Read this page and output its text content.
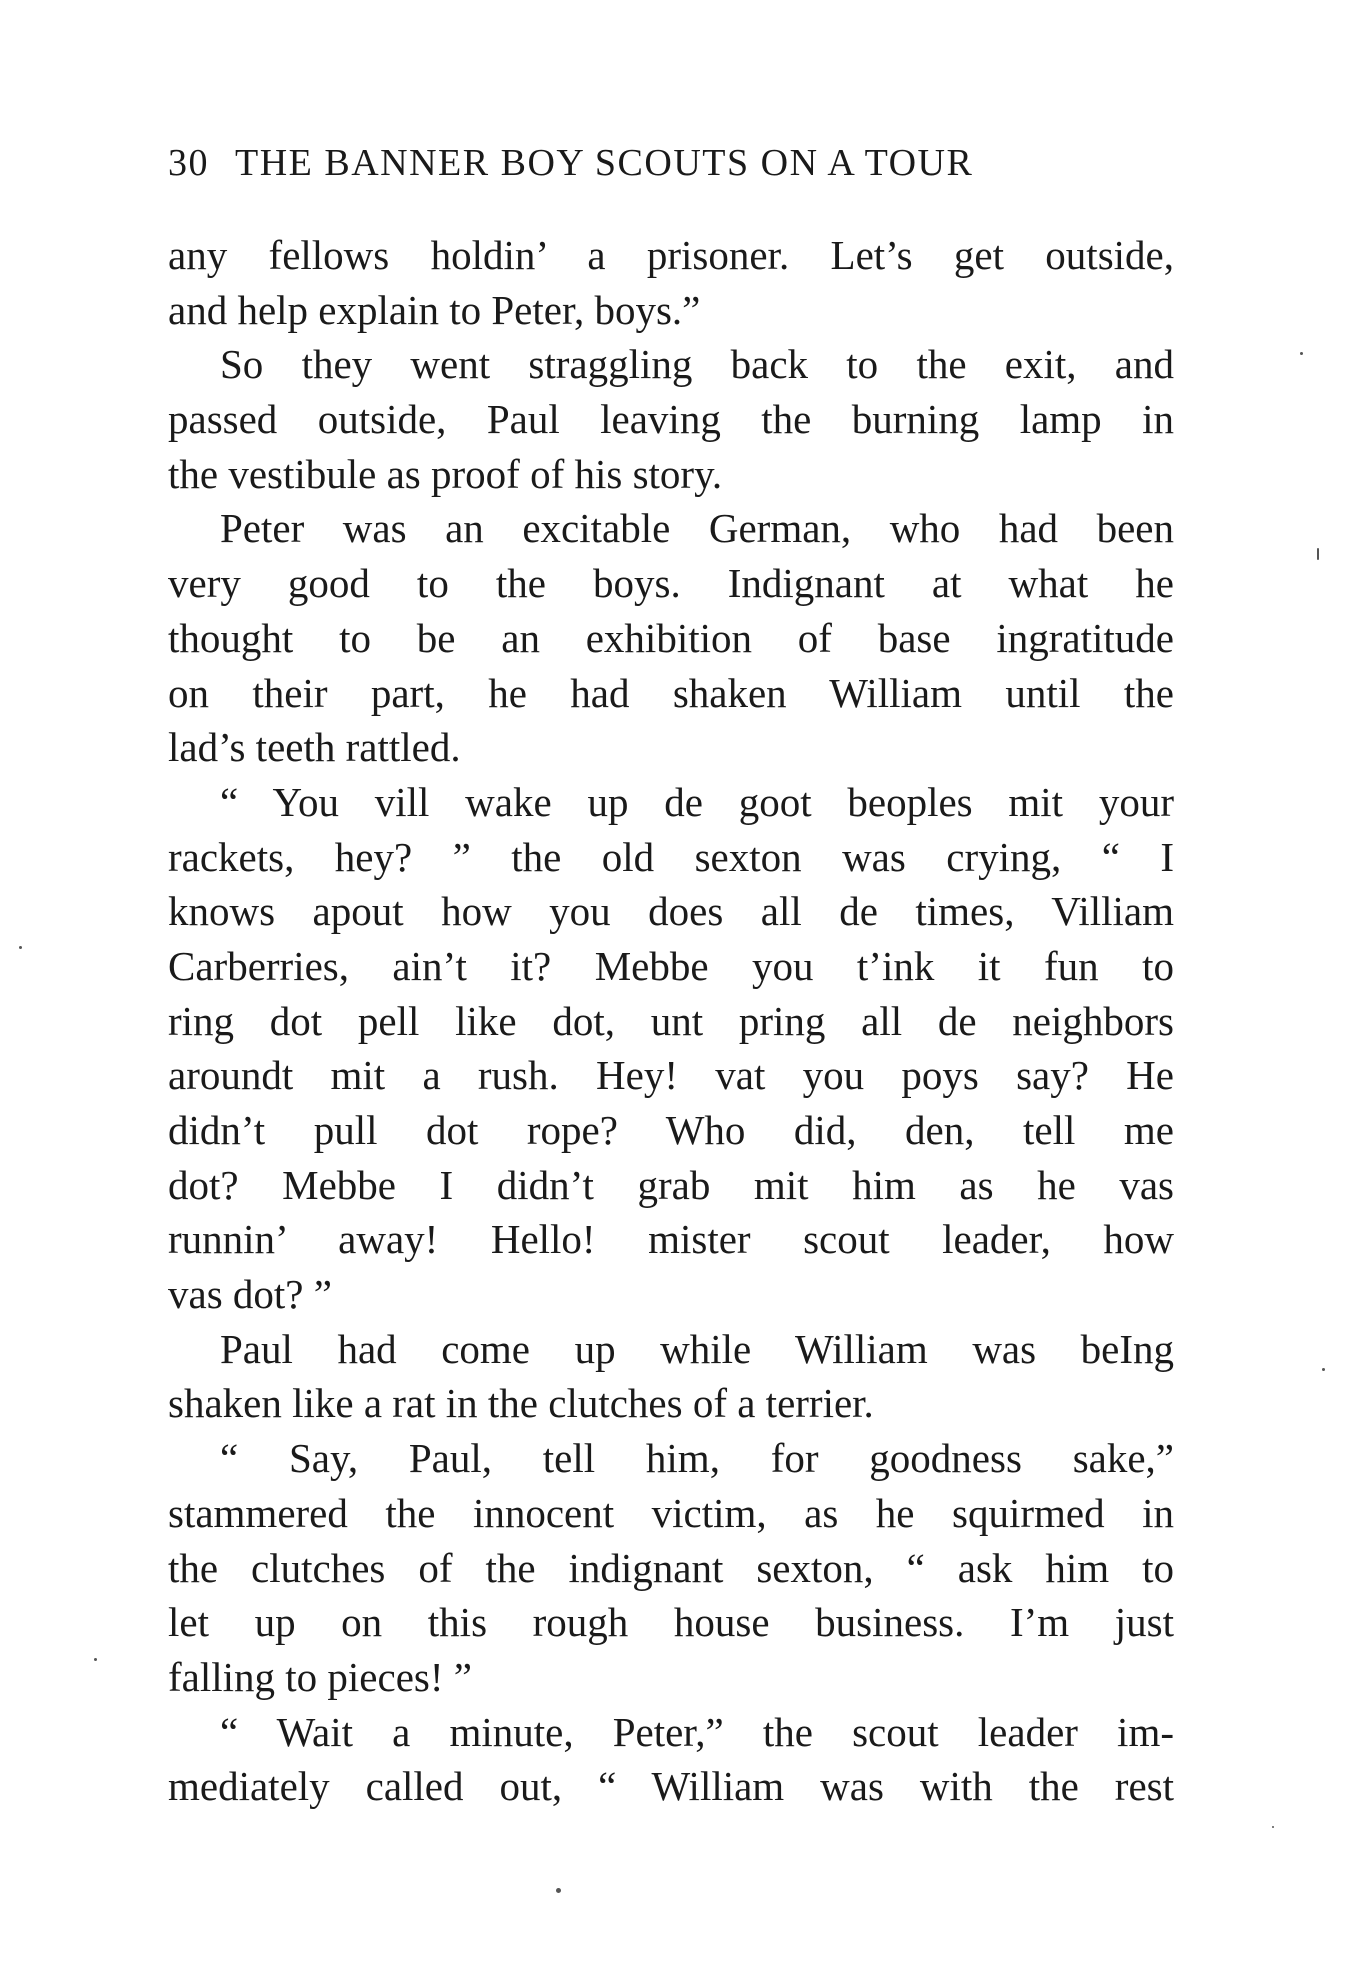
30 THE BANNER BOY SCOUTS ON A TOUR
any fellows holdin’ a prisoner. Let’s get outside,
and help explain to Peter, boys.”
So they went straggling back to the exit, and
passed outside, Paul leaving the burning lamp in
the vestibule as proof of his story.
Peter was an excitable German, who had been
very good to the boys. Indignant at what he
thought to be an exhibition of base ingratitude
on their part, he had shaken William until the
lad’s teeth rattled.
“ You vill wake up de goot beoples mit your
rackets, hey? ” the old sexton was crying, “ I
knows apout how you does all de times, Villiam
Carberries, ain’t it? Mebbe you t’ink it fun to
ring dot pell like dot, unt pring all de neighbors
aroundt mit a rush. Hey! vat you poys say? He
didn’t pull dot rope? Who did, den, tell me
dot? Mebbe I didn’t grab mit him as he vas
runnin’ away! Hello! mister scout leader, how
vas dot? ”
Paul had come up while William was beIng
shaken like a rat in the clutches of a terrier.
“ Say, Paul, tell him, for goodness sake,”
stammered the innocent victim, as he squirmed in
the clutches of the indignant sexton, “ ask him to
let up on this rough house business. I’m just
falling to pieces! ”
“ Wait a minute, Peter,” the scout leader im-
mediately called out, “ William was with the rest
